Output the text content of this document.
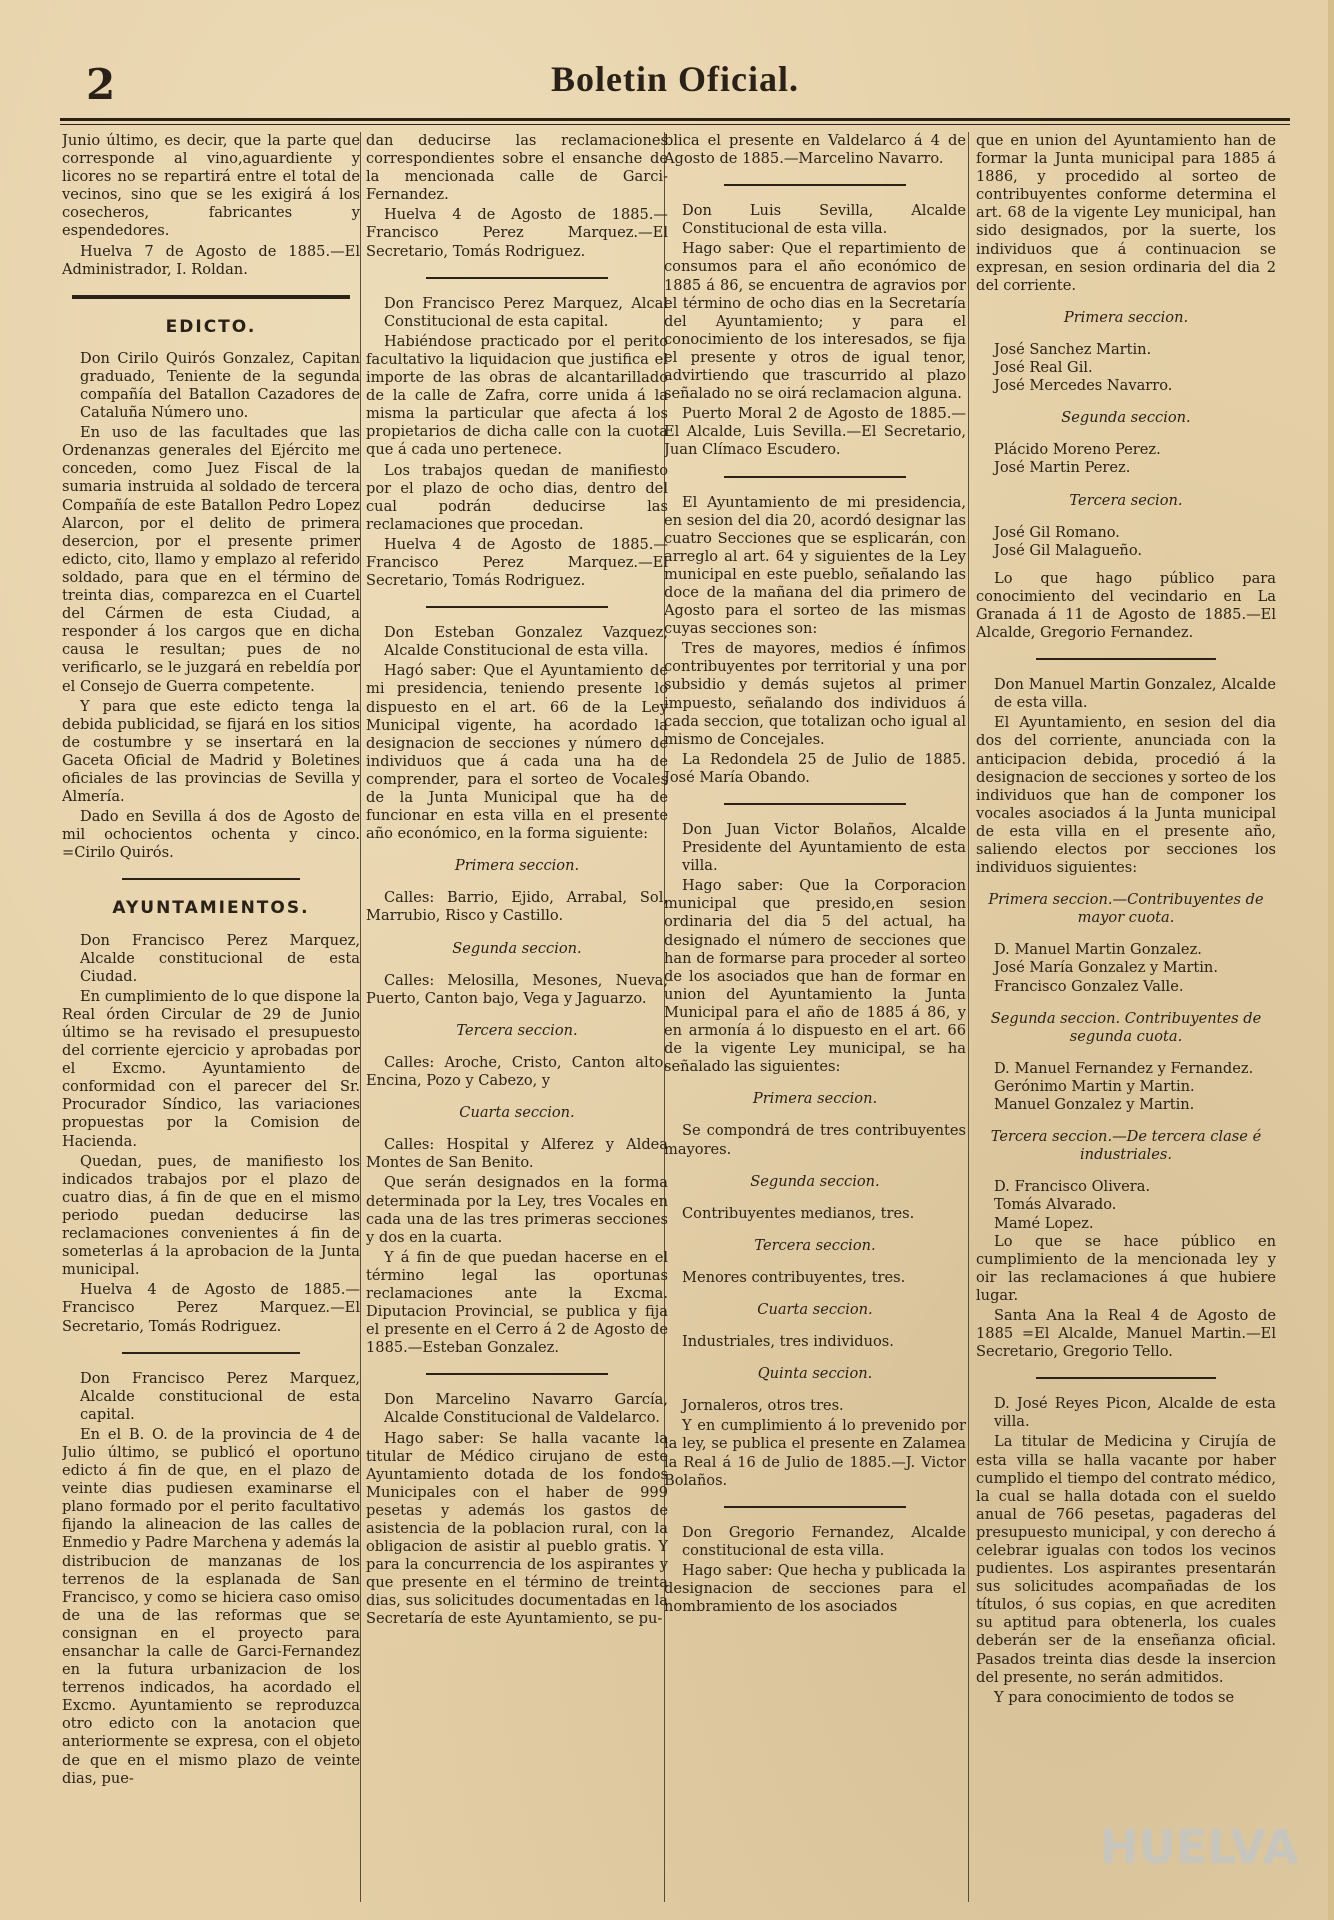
2	Boletin Oficial.

Junio último, es decir, que la parte que corresponde al vino,aguardiente y licores no se repartirá entre el total de vecinos, sino que se les exigirá á los cosecheros, fabricantes y espendedores.

Huelva 7 de Agosto de 1885.—El Administrador, I. Roldan.

EDICTO.

Don Cirilo Quirós Gonzalez, Capitan graduado, Teniente de la segunda compañía del Batallon Cazadores de Cataluña Número uno.

En uso de las facultades que las Ordenanzas generales del Ejército me conceden, como Juez Fiscal de la sumaria instruida al soldado de tercera Compañía de este Batallon Pedro Lopez Alarcon, por el delito de primera desercion, por el presente primer edicto, cito, llamo y emplazo al referido soldado, para que en el término de treinta dias, comparezca en el Cuartel del Cármen de esta Ciudad, a responder á los cargos que en dicha causa le resultan; pues de no verificarlo, se le juzgará en rebeldía por el Consejo de Guerra competente.

Y para que este edicto tenga la debida publicidad, se fijará en los sitios de costumbre y se insertará en la Gaceta Oficial de Madrid y Boletines oficiales de las provincias de Sevilla y Almería.

Dado en Sevilla á dos de Agosto de mil ochocientos ochenta y cinco. =Cirilo Quirós.

AYUNTAMIENTOS.

Don Francisco Perez Marquez, Alcalde constitucional de esta Ciudad.

En cumplimiento de lo que dispone la Real órden Circular de 29 de Junio último se ha revisado el presupuesto del corriente ejercicio y aprobadas por el Excmo. Ayuntamiento de conformidad con el parecer del Sr. Procurador Síndico, las variaciones propuestas por la Comision de Hacienda.

Quedan, pues, de manifiesto los indicados trabajos por el plazo de cuatro dias, á fin de que en el mismo periodo puedan deducirse las reclamaciones convenientes á fin de someterlas á la aprobacion de la Junta municipal.

Huelva 4 de Agosto de 1885.—Francisco Perez Marquez.—El Secretario, Tomás Rodriguez.

Don Francisco Perez Marquez, Alcalde constitucional de esta capital.

En el B. O. de la provincia de 4 de Julio último, se publicó el oportuno edicto á fin de que, en el plazo de veinte dias pudiesen examinarse el plano formado por el perito facultativo fijando la alineacion de las calles de Enmedio y Padre Marchena y además la distribucion de manzanas de los terrenos de la esplanada de San Francisco, y como se hiciera caso omiso de una de las reformas que se consignan en el proyecto para ensanchar la calle de Garci-Fernandez en la futura urbanizacion de los terrenos indicados, ha acordado el Excmo. Ayuntamiento se reproduzca otro edicto con la anotacion que anteriormente se expresa, con el objeto de que en el mismo plazo de veinte dias, pue-

dan deducirse las reclamaciones correspondientes sobre el ensanche de la mencionada calle de Garci-Fernandez.

Huelva 4 de Agosto de 1885.—Francisco Perez Marquez.—El Secretario, Tomás Rodriguez.

Don Francisco Perez Marquez, Alcal Constitucional de esta capital.

Habiéndose practicado por el perito facultativo la liquidacion que justifica el importe de las obras de alcantarillado de la calle de Zafra, corre unida á la misma la particular que afecta á los propietarios de dicha calle con la cuota que á cada uno pertenece.

Los trabajos quedan de manifiesto por el plazo de ocho dias, dentro del cual podrán deducirse las reclamaciones que procedan.

Huelva 4 de Agosto de 1885.—Francisco Perez Marquez.—El Secretario, Tomás Rodriguez.

Don Esteban Gonzalez Vazquez, Alcalde Constitucional de esta villa.

Hagó saber: Que el Ayuntamiento de mi presidencia, teniendo presente lo dispuesto en el art. 66 de la Ley Municipal vigente, ha acordado la designacion de secciones y número de individuos que á cada una ha de comprender, para el sorteo de Vocales de la Junta Municipal que ha de funcionar en esta villa en el presente año económico, en la forma siguiente:

Primera seccion.

Calles: Barrio, Ejido, Arrabal, Sol, Marrubio, Risco y Castillo.

Segunda seccion.

Calles: Melosilla, Mesones, Nueva, Puerto, Canton bajo, Vega y Jaguarzo.

Tercera seccion.

Calles: Aroche, Cristo, Canton alto, Encina, Pozo y Cabezo, y

Cuarta seccion.

Calles: Hospital y Alferez y Aldea Montes de San Benito.

Que serán designados en la forma determinada por la Ley, tres Vocales en cada una de las tres primeras secciones y dos en la cuarta.

Y á fin de que puedan hacerse en el término legal las oportunas reclamaciones ante la Excma. Diputacion Provincial, se publica y fija el presente en el Cerro á 2 de Agosto de 1885.—Esteban Gonzalez.

Don Marcelino Navarro García, Alcalde Constitucional de Valdelarco.

Hago saber: Se halla vacante la titular de Médico cirujano de este Ayuntamiento dotada de los fondos Municipales con el haber de 999 pesetas y además los gastos de asistencia de la poblacion rural, con la obligacion de asistir al pueblo gratis. Y para la concurrencia de los aspirantes y que presente en el término de treinta dias, sus solicitudes documentadas en la Secretaría de este Ayuntamiento, se pu-

blica el presente en Valdelarco á 4 de Agosto de 1885.—Marcelino Navarro.

Don Luis Sevilla, Alcalde Constitucional de esta villa.

Hago saber: Que el repartimiento de consumos para el año económico de 1885 á 86, se encuentra de agravios por el término de ocho dias en la Secretaría del Ayuntamiento; y para el conocimiento de los interesados, se fija el presente y otros de igual tenor, advirtiendo que trascurrido al plazo señalado no se oirá reclamacion alguna.

Puerto Moral 2 de Agosto de 1885.—El Alcalde, Luis Sevilla.—El Secretario, Juan Clímaco Escudero.

El Ayuntamiento de mi presidencia, en sesion del dia 20, acordó designar las cuatro Secciones que se esplicarán, con arreglo al art. 64 y siguientes de la Ley municipal en este pueblo, señalando las doce de la mañana del dia primero de Agosto para el sorteo de las mismas cuyas secciones son:

Tres de mayores, medios é ínfimos contribuyentes por territorial y una por subsidio y demás sujetos al primer impuesto, señalando dos individuos á cada seccion, que totalizan ocho igual al mismo de Concejales.

La Redondela 25 de Julio de 1885. José María Obando.

Don Juan Victor Bolaños, Alcalde Presidente del Ayuntamiento de esta villa.

Hago saber: Que la Corporacion municipal que presido,en sesion ordinaria del dia 5 del actual, ha designado el número de secciones que han de formarse para proceder al sorteo de los asociados que han de formar en union del Ayuntamiento la Junta Municipal para el año de 1885 á 86, y en armonía á lo dispuesto en el art. 66 de la vigente Ley municipal, se ha señalado las siguientes:

Primera seccion.

Se compondrá de tres contribuyentes mayores.

Segunda seccion.

Contribuyentes medianos, tres.

Tercera seccion.

Menores contribuyentes, tres.

Cuarta seccion.

Industriales, tres individuos.

Quinta seccion.

Jornaleros, otros tres.

Y en cumplimiento á lo prevenido por la ley, se publica el presente en Zalamea la Real á 16 de Julio de 1885.—J. Victor Bolaños.

Don Gregorio Fernandez, Alcalde constitucional de esta villa.

Hago saber: Que hecha y publicada la designacion de secciones para el nombramiento de los asociados

que en union del Ayuntamiento han de formar la Junta municipal para 1885 á 1886, y procedido al sorteo de contribuyentes conforme determina el art. 68 de la vigente Ley municipal, han sido designados, por la suerte, los individuos que á continuacion se expresan, en sesion ordinaria del dia 2 del corriente.

Primera seccion.

José Sanchez Martin.

José Real Gil.

José Mercedes Navarro.

Segunda seccion.

Plácido Moreno Perez.

José Martin Perez.

Tercera secion.

José Gil Romano.

José Gil Malagueño.

Lo que hago público para conocimiento del vecindario en La Granada á 11 de Agosto de 1885.—El Alcalde, Gregorio Fernandez.

Don Manuel Martin Gonzalez, Alcalde de esta villa.

El Ayuntamiento, en sesion del dia dos del corriente, anunciada con la anticipacion debida, procedió á la designacion de secciones y sorteo de los individuos que han de componer los vocales asociados á la Junta municipal de esta villa en el presente año, saliendo electos por secciones los individuos siguientes:

Primera seccion.—Contribuyentes de mayor cuota.

D. Manuel Martin Gonzalez.

José María Gonzalez y Martin.

Francisco Gonzalez Valle.

Segunda seccion. Contribuyentes de segunda cuota.

D. Manuel Fernandez y Fernandez.

Gerónimo Martin y Martin.

Manuel Gonzalez y Martin.

Tercera seccion.—De tercera clase é industriales.

D. Francisco Olivera.

Tomás Alvarado.

Mamé Lopez.

Lo que se hace público en cumplimiento de la mencionada ley y oir las reclamaciones á que hubiere lugar.

Santa Ana la Real 4 de Agosto de 1885 =El Alcalde, Manuel Martin.—El Secretario, Gregorio Tello.

D. José Reyes Picon, Alcalde de esta villa.

La titular de Medicina y Cirujía de esta villa se halla vacante por haber cumplido el tiempo del contrato médico, la cual se halla dotada con el sueldo anual de 766 pesetas, pagaderas del presupuesto municipal, y con derecho á celebrar igualas con todos los vecinos pudientes. Los aspirantes presentarán sus solicitudes acompañadas de los títulos, ó sus copias, en que acrediten su aptitud para obtenerla, los cuales deberán ser de la enseñanza oficial. Pasados treinta dias desde la insercion del presente, no serán admitidos.

Y para conocimiento de todos se

HUELVA
